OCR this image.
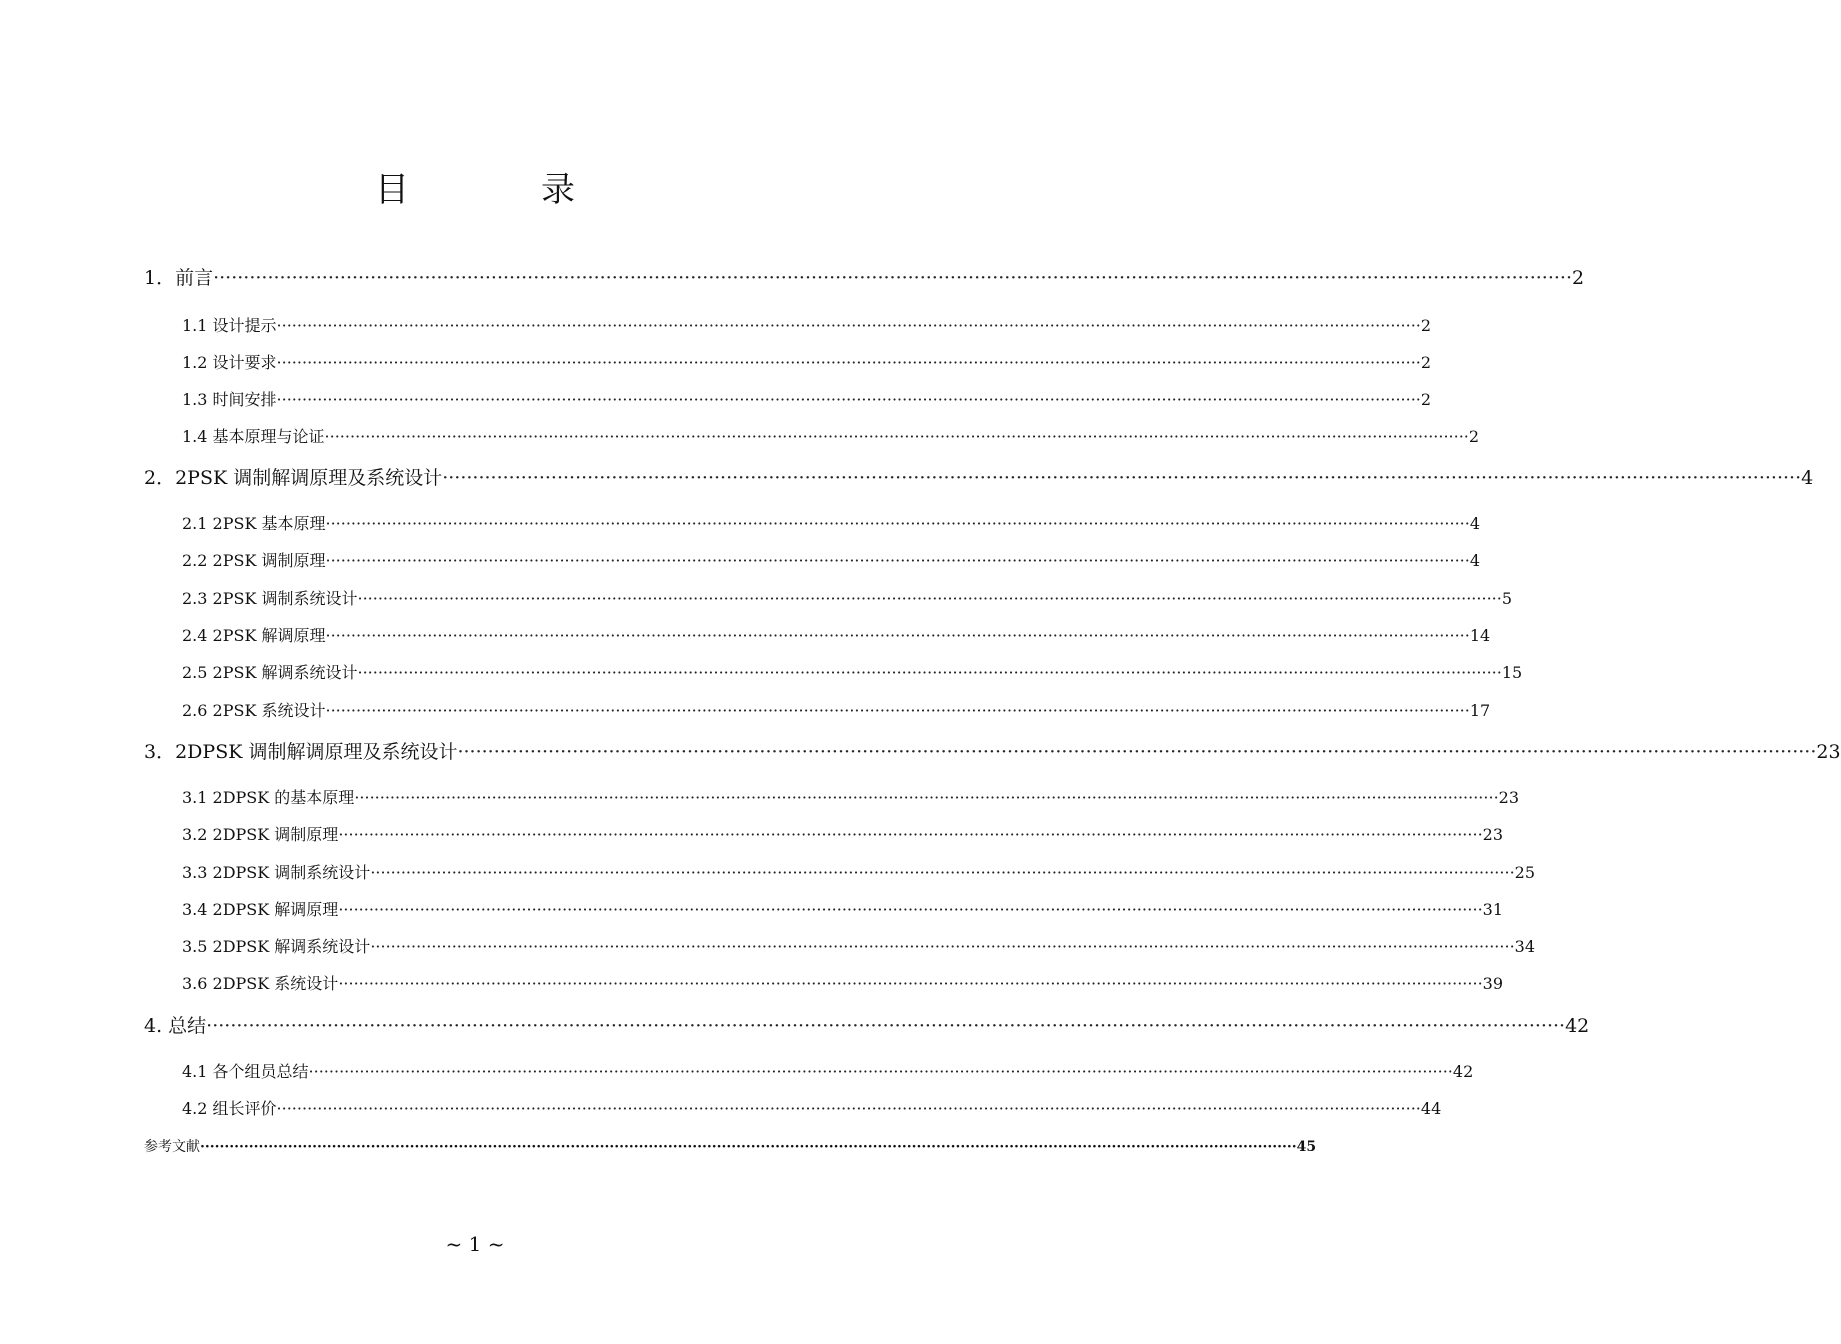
目	录
1．前言 ································································································································································································································· 2
1.1 设计提示 ································································································································································································································· 2
1.2 设计要求 ································································································································································································································· 2
1.3 时间安排 ································································································································································································································· 2
1.4 基本原理与论证 ································································································································································································································· 2
2．2PSK 调制解调原理及系统设计 ································································································································································································································· 4
2.1 2PSK 基本原理 ································································································································································································································· 4
2.2 2PSK 调制原理 ································································································································································································································· 4
2.3 2PSK 调制系统设计 ································································································································································································································· 5
2.4 2PSK 解调原理 ································································································································································································································· 14
2.5 2PSK 解调系统设计 ································································································································································································································· 15
2.6 2PSK 系统设计 ································································································································································································································· 17
3．2DPSK 调制解调原理及系统设计 ································································································································································································································· 23
3.1 2DPSK 的基本原理 ································································································································································································································· 23
3.2 2DPSK 调制原理 ································································································································································································································· 23
3.3 2DPSK 调制系统设计 ································································································································································································································· 25
3.4 2DPSK 解调原理 ································································································································································································································· 31
3.5 2DPSK 解调系统设计 ································································································································································································································· 34
3.6 2DPSK 系统设计 ································································································································································································································· 39
4. 总结 ································································································································································································································· 42
4.1 各个组员总结 ································································································································································································································· 42
4.2 组长评价 ································································································································································································································· 44
参考文献 ································································································································································································································· 45
~ 1 ~
